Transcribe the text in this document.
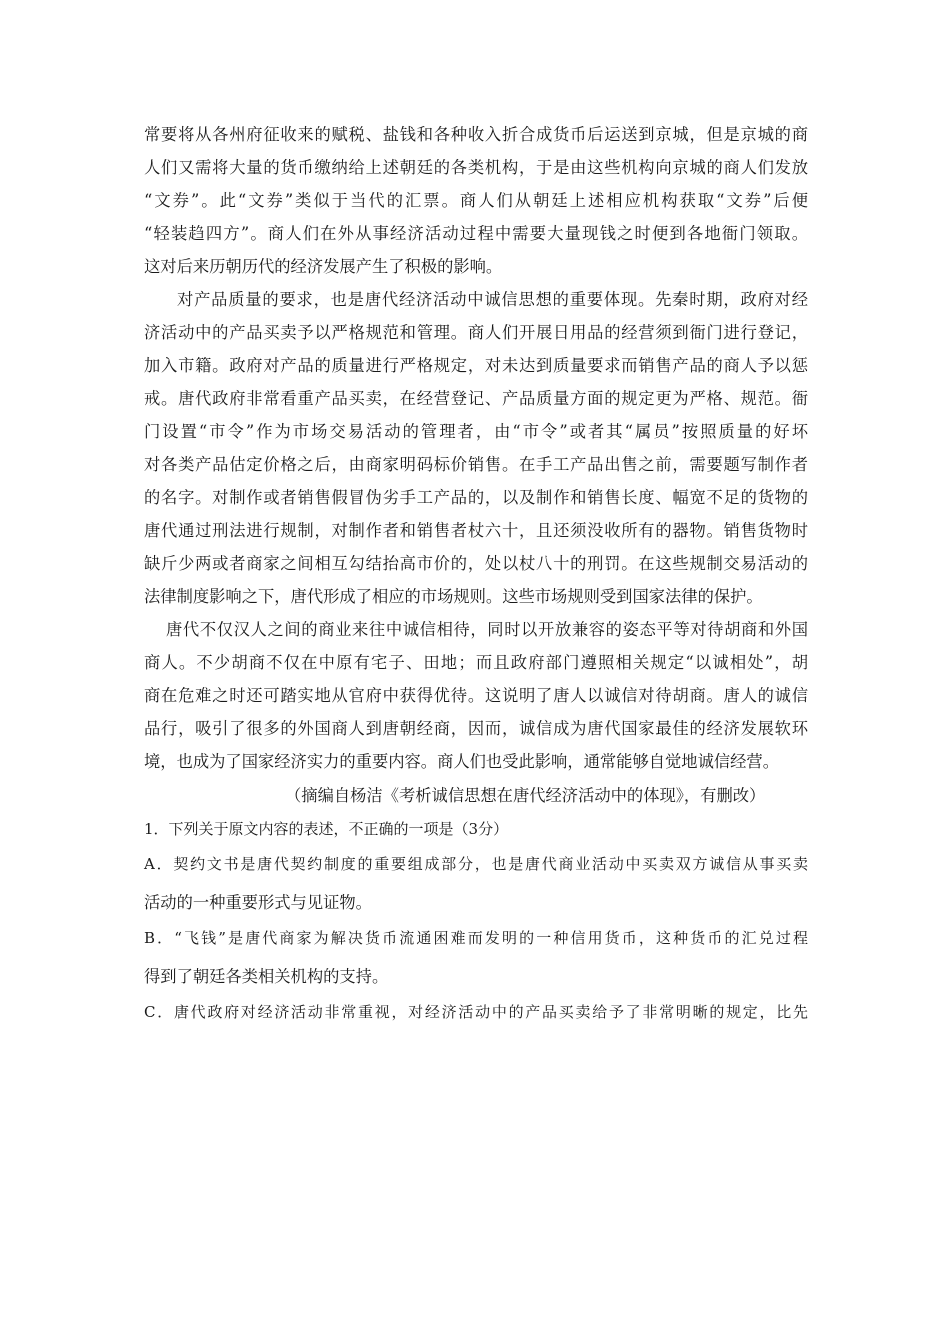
常要将从各州府征收来的赋税、盐钱和各种收入折合成货币后运送到京城，但是京城的商
人们又需将大量的货币缴纳给上述朝廷的各类机构，于是由这些机构向京城的商人们发放
“文券”。此“文券”类似于当代的汇票。商人们从朝廷上述相应机构获取“文券”后便
“轻装趋四方”。商人们在外从事经济活动过程中需要大量现钱之时便到各地衙门领取。
这对后来历朝历代的经济发展产生了积极的影响。
对产品质量的要求，也是唐代经济活动中诚信思想的重要体现。先秦时期，政府对经
济活动中的产品买卖予以严格规范和管理。商人们开展日用品的经营须到衙门进行登记，
加入市籍。政府对产品的质量进行严格规定，对未达到质量要求而销售产品的商人予以惩
戒。唐代政府非常看重产品买卖，在经营登记、产品质量方面的规定更为严格、规范。衙
门设置“市令”作为市场交易活动的管理者，由“市令”或者其“属员”按照质量的好坏
对各类产品估定价格之后，由商家明码标价销售。在手工产品出售之前，需要题写制作者
的名字。对制作或者销售假冒伪劣手工产品的，以及制作和销售长度、幅宽不足的货物的
唐代通过刑法进行规制，对制作者和销售者杖六十，且还须没收所有的器物。销售货物时
缺斤少两或者商家之间相互勾结抬高市价的，处以杖八十的刑罚。在这些规制交易活动的
法律制度影响之下，唐代形成了相应的市场规则。这些市场规则受到国家法律的保护。
唐代不仅汉人之间的商业来往中诚信相待，同时以开放兼容的姿态平等对待胡商和外国
商人。不少胡商不仅在中原有宅子、田地；而且政府部门遵照相关规定“以诚相处”，胡
商在危难之时还可踏实地从官府中获得优待。这说明了唐人以诚信对待胡商。唐人的诚信
品行，吸引了很多的外国商人到唐朝经商，因而，诚信成为唐代国家最佳的经济发展软环
境，也成为了国家经济实力的重要内容。商人们也受此影响，通常能够自觉地诚信经营。
（摘编自杨洁《考析诚信思想在唐代经济活动中的体现》，有删改）
1．下列关于原文内容的表述，不正确的一项是（3分）
A．契约文书是唐代契约制度的重要组成部分，也是唐代商业活动中买卖双方诚信从事买卖
活动的一种重要形式与见证物。
B．“飞钱”是唐代商家为解决货币流通困难而发明的一种信用货币，这种货币的汇兑过程
得到了朝廷各类相关机构的支持。
C．唐代政府对经济活动非常重视，对经济活动中的产品买卖给予了非常明晰的规定，比先
